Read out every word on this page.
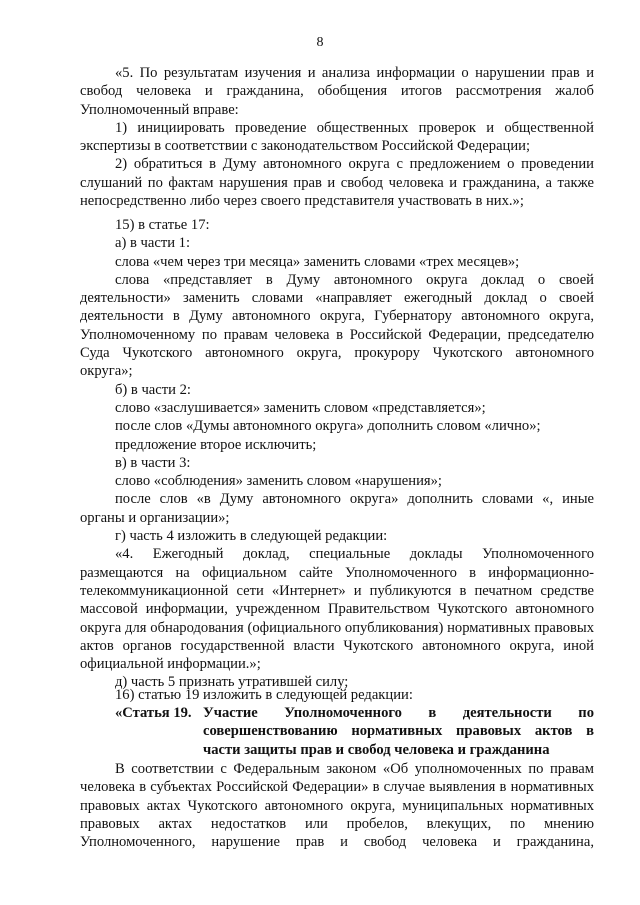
8

«5. По результатам изучения и анализа информации о нарушении прав и свобод человека и гражданина, обобщения итогов рассмотрения жалоб Уполномоченный вправе:

1) инициировать проведение общественных проверок и общественной экспертизы в соответствии с законодательством Российской Федерации;

2) обратиться в Думу автономного округа с предложением о проведении слушаний по фактам нарушения прав и свобод человека и гражданина, а также непосредственно либо через своего представителя участвовать в них.»;

15) в статье 17:

а) в части 1:

слова «чем через три месяца» заменить словами «трех месяцев»;

слова «представляет в Думу автономного округа доклад о своей деятельности» заменить словами «направляет ежегодный доклад о своей деятельности в Думу автономного округа, Губернатору автономного округа, Уполномоченному по правам человека в Российской Федерации, председателю Суда Чукотского автономного округа, прокурору Чукотского автономного округа»;

б) в части 2:

слово «заслушивается» заменить словом «представляется»;

после слов «Думы автономного округа» дополнить словом «лично»;

предложение второе исключить;

в) в части 3:

слово «соблюдения» заменить словом «нарушения»;

после слов «в Думу автономного округа» дополнить словами «, иные органы и организации»;

г) часть 4 изложить в следующей редакции:

«4. Ежегодный доклад, специальные доклады Уполномоченного размещаются на официальном сайте Уполномоченного в информационно-телекоммуникационной сети «Интернет» и публикуются в печатном средстве массовой информации, учрежденном Правительством Чукотского автономного округа для обнародования (официального опубликования) нормативных правовых актов органов государственной власти Чукотского автономного округа, иной официальной информации.»;

д) часть 5 признать утратившей силу;

16) статью 19 изложить в следующей редакции:

«Статья 19. Участие Уполномоченного в деятельности по
совершенствованию нормативных правовых актов в
части защиты прав и свобод человека и гражданина

В соответствии с Федеральным законом «Об уполномоченных по правам человека в субъектах Российской Федерации» в случае выявления в нормативных правовых актах Чукотского автономного округа, муниципальных нормативных правовых актах недостатков или пробелов, влекущих, по мнению Уполномоченного, нарушение прав и свобод человека и гражданина,
